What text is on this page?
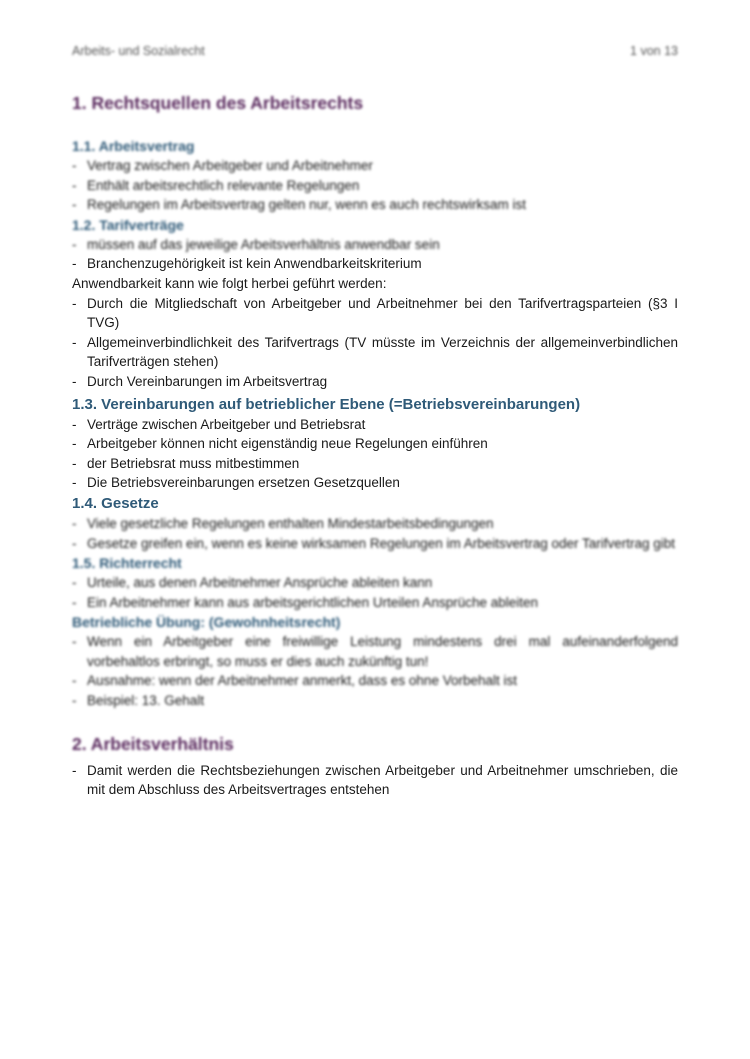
Arbeits- und Sozialrecht	1 von 13
1. Rechtsquellen des Arbeitsrechts
1.1. Arbeitsvertrag
- Vertrag zwischen Arbeitgeber und Arbeitnehmer
- Enthält arbeitsrechtlich relevante Regelungen
- Regelungen im Arbeitsvertrag gelten nur, wenn es auch rechtswirksam ist
1.2. Tarifverträge
- müssen auf das jeweilige Arbeitsverhältnis anwendbar sein
- Branchenzugehörigkeit ist kein Anwendbarkeitskriterium
Anwendbarkeit kann wie folgt herbei geführt werden:
- Durch die Mitgliedschaft von Arbeitgeber und Arbeitnehmer bei den Tarifvertragsparteien (§3 I TVG)
- Allgemeinverbindlichkeit des Tarifvertrags (TV müsste im Verzeichnis der allgemeinverbindlichen Tarifverträgen stehen)
- Durch Vereinbarungen im Arbeitsvertrag
1.3. Vereinbarungen auf betrieblicher Ebene (=Betriebsvereinbarungen)
- Verträge zwischen Arbeitgeber und Betriebsrat
- Arbeitgeber können nicht eigenständig neue Regelungen einführen
- der Betriebsrat muss mitbestimmen
- Die Betriebsvereinbarungen ersetzen Gesetzquellen
1.4. Gesetze
- Viele gesetzliche Regelungen enthalten Mindestarbeitsbedingungen
- Gesetze greifen ein, wenn es keine wirksamen Regelungen im Arbeitsvertrag oder Tarifvertrag gibt
1.5. Richterrecht
- Urteile, aus denen Arbeitnehmer Ansprüche ableiten kann
- Ein Arbeitnehmer kann aus arbeitsgerichtlichen Urteilen Ansprüche ableiten
Betriebliche Übung: (Gewohnheitsrecht)
- Wenn ein Arbeitgeber eine freiwillige Leistung mindestens drei mal aufeinanderfolgend vorbehaltlos erbringt, so muss er dies auch zukünftig tun!
- Ausnahme: wenn der Arbeitnehmer anmerkt, dass es ohne Vorbehalt ist
- Beispiel: 13. Gehalt
2. Arbeitsverhältnis
- Damit werden die Rechtsbeziehungen zwischen Arbeitgeber und Arbeitnehmer umschrieben, die mit dem Abschluss des Arbeitsvertrages entstehen
